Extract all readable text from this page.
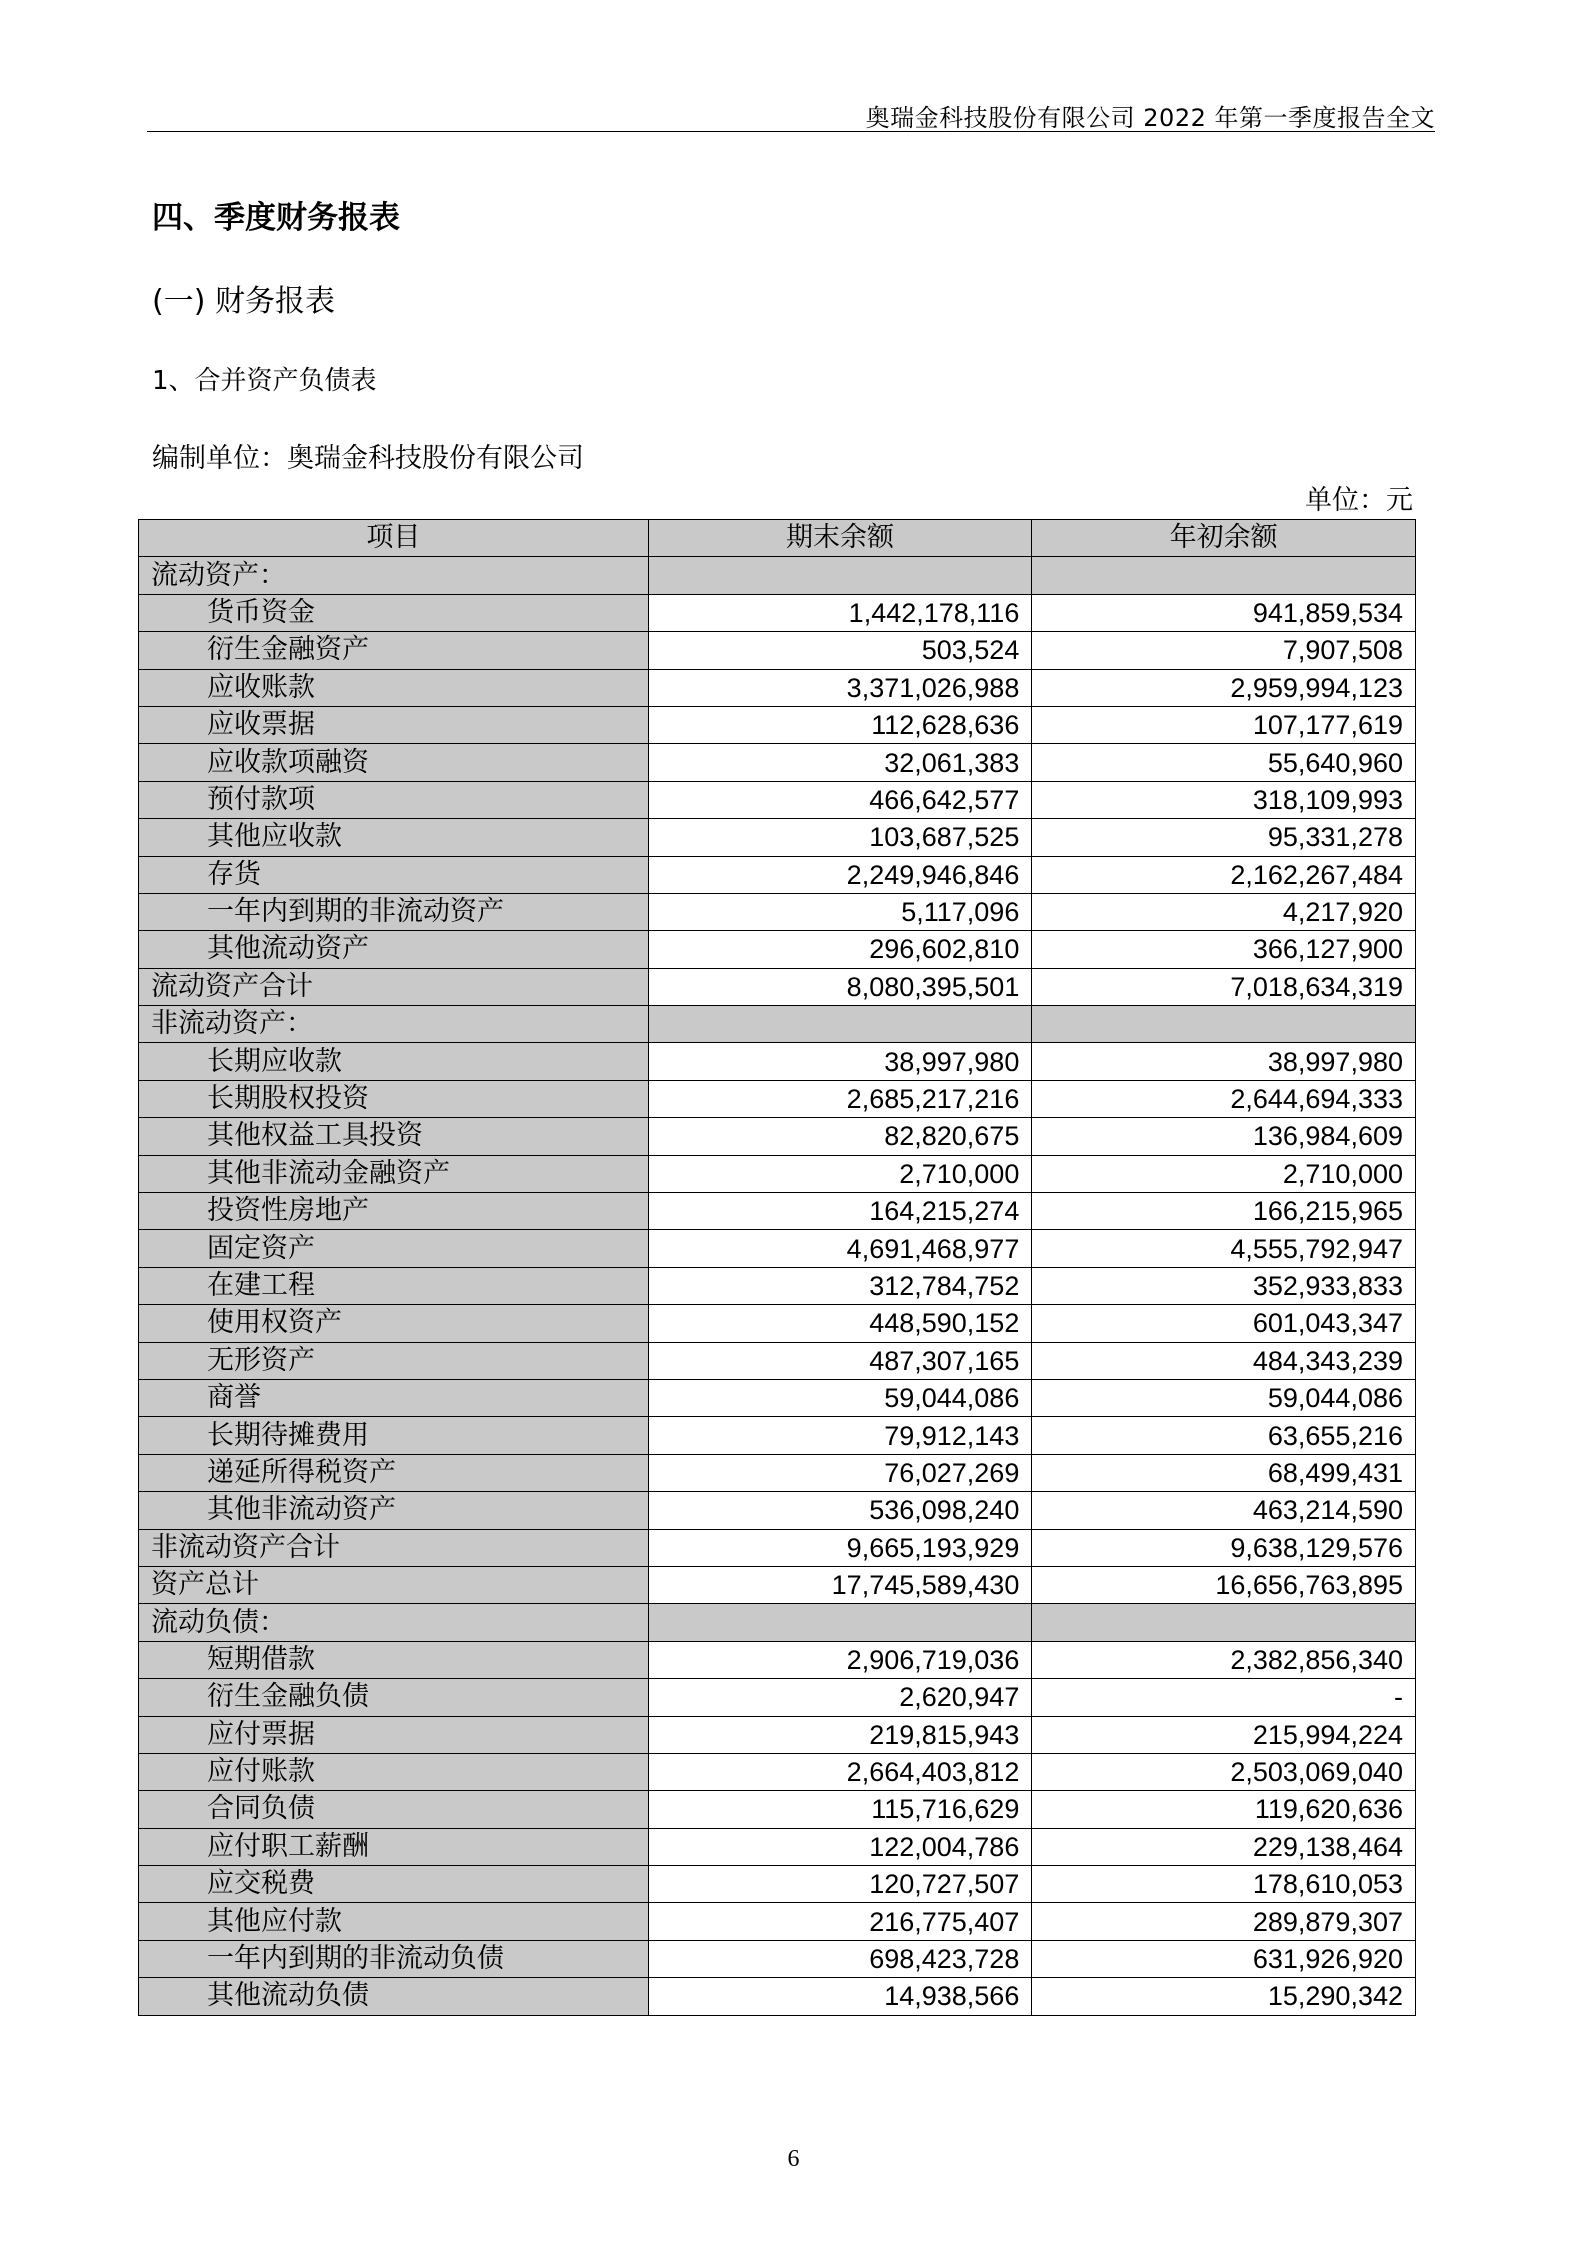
奥瑞金科技股份有限公司 2022 年第一季度报告全文
四、季度财务报表
(一) 财务报表
1、合并资产负债表
编制单位：奥瑞金科技股份有限公司
单位：元
项目	期末余额	年初余额
流动资产：		
货币资金	1,442,178,116	941,859,534
衍生金融资产	503,524	7,907,508
应收账款	3,371,026,988	2,959,994,123
应收票据	112,628,636	107,177,619
应收款项融资	32,061,383	55,640,960
预付款项	466,642,577	318,109,993
其他应收款	103,687,525	95,331,278
存货	2,249,946,846	2,162,267,484
一年内到期的非流动资产	5,117,096	4,217,920
其他流动资产	296,602,810	366,127,900
流动资产合计	8,080,395,501	7,018,634,319
非流动资产：		
长期应收款	38,997,980	38,997,980
长期股权投资	2,685,217,216	2,644,694,333
其他权益工具投资	82,820,675	136,984,609
其他非流动金融资产	2,710,000	2,710,000
投资性房地产	164,215,274	166,215,965
固定资产	4,691,468,977	4,555,792,947
在建工程	312,784,752	352,933,833
使用权资产	448,590,152	601,043,347
无形资产	487,307,165	484,343,239
商誉	59,044,086	59,044,086
长期待摊费用	79,912,143	63,655,216
递延所得税资产	76,027,269	68,499,431
其他非流动资产	536,098,240	463,214,590
非流动资产合计	9,665,193,929	9,638,129,576
资产总计	17,745,589,430	16,656,763,895
流动负债：		
短期借款	2,906,719,036	2,382,856,340
衍生金融负债	2,620,947	-
应付票据	219,815,943	215,994,224
应付账款	2,664,403,812	2,503,069,040
合同负债	115,716,629	119,620,636
应付职工薪酬	122,004,786	229,138,464
应交税费	120,727,507	178,610,053
其他应付款	216,775,407	289,879,307
一年内到期的非流动负债	698,423,728	631,926,920
其他流动负债	14,938,566	15,290,342
6
